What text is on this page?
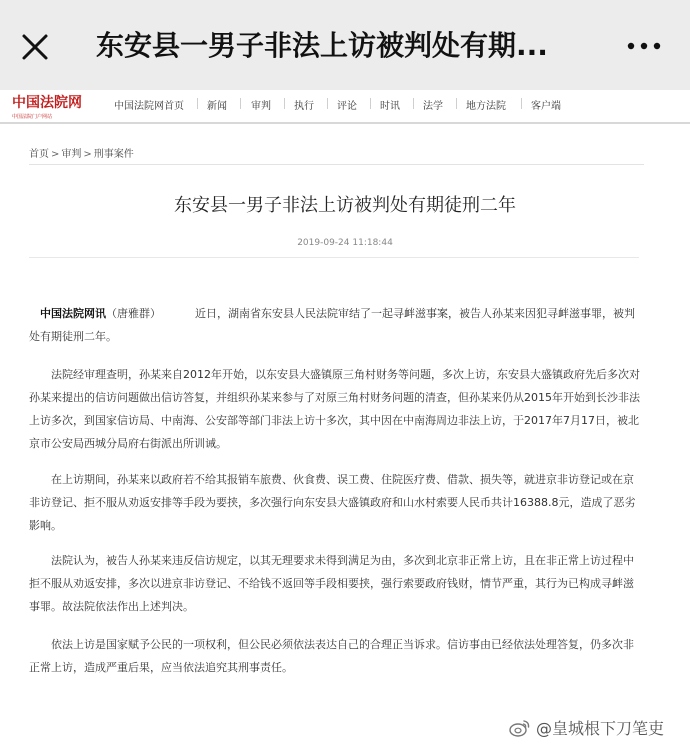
东安县一男子非法上访被判处有期...
中国法院网
中国法院门户网站
中国法院网首页 新闻 审判 执行 评论 时讯 法学 地方法院	客户端
首页 > 审判 > 刑事案件
东安县一男子非法上访被判处有期徒刑二年
2019-09-24 11:18:44

中国法院网讯（唐雅群）	近日，湖南省东安县人民法院审结了一起寻衅滋事案，被告人孙某来因犯寻衅滋事罪，被判处有期徒刑二年。

法院经审理查明，孙某来自2012年开始，以东安县大盛镇原三角村财务等问题，多次上访，东安县大盛镇政府先后多次对孙某来提出的信访问题做出信访答复，并组织孙某来参与了对原三角村财务问题的清查，但孙某来仍从2015年开始到长沙非法上访多次，到国家信访局、中南海、公安部等部门非法上访十多次，其中因在中南海周边非法上访，于2017年7月17日，被北京市公安局西城分局府右街派出所训诫。

在上访期间，孙某来以政府若不给其报销车旅费、伙食费、误工费、住院医疗费、借款、损失等，就进京非访登记或在京非访登记、拒不服从劝返安排等手段为要挟，多次强行向东安县大盛镇政府和山水村索要人民币共计16388.8元，造成了恶劣影响。

法院认为，被告人孙某来违反信访规定，以其无理要求未得到满足为由，多次到北京非正常上访，且在非正常上访过程中拒不服从劝返安排，多次以进京非访登记、不给钱不返回等手段相要挟，强行索要政府钱财，情节严重，其行为已构成寻衅滋事罪。故法院依法作出上述判决。

依法上访是国家赋予公民的一项权利，但公民必须依法表达自己的合理正当诉求。信访事由已经依法处理答复，仍多次非正常上访，造成严重后果，应当依法追究其刑事责任。

@皇城根下刀笔吏
